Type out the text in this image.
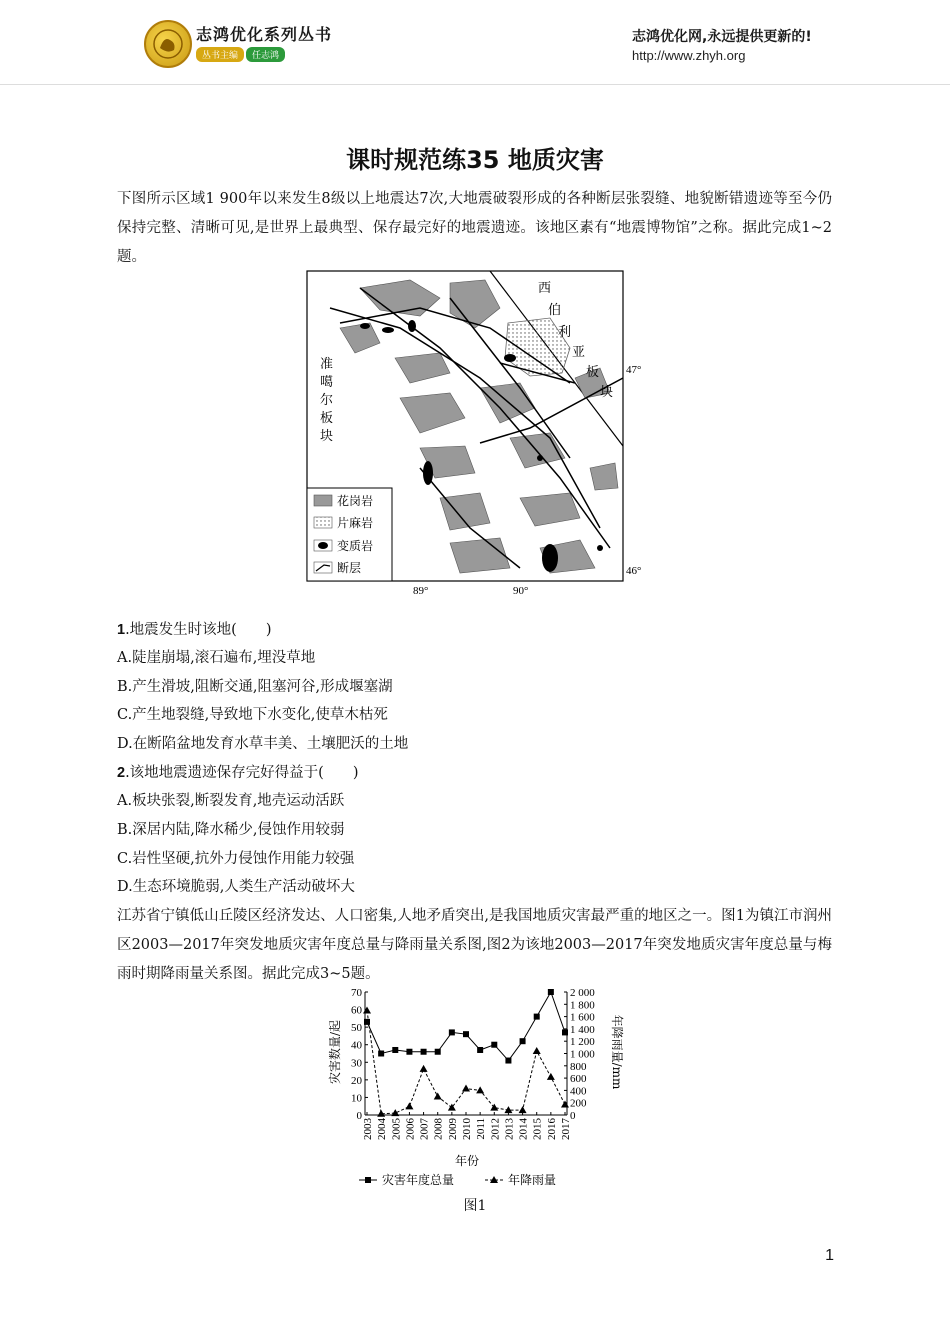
志鸿优化系列丛书
丛书主编 任志鸿
志鸿优化网,永远提供更新的!
http://www.zhyh.org
课时规范练35 地质灾害
下图所示区域1 900年以来发生8级以上地震达7次,大地震破裂形成的各种断层张裂缝、地貌断错遗迹等至今仍保持完整、清晰可见,是世界上最典型、保存最完好的地震遗迹。该地区素有“地震博物馆”之称。据此完成1~2题。
西
伯
利
亚
板
块
准
噶
尔
板
块
47°
46°
89°	90°
花岗岩
片麻岩
变质岩
断层
1.地震发生时该地(　　)
A.陡崖崩塌,滚石遍布,埋没草地
B.产生滑坡,阻断交通,阻塞河谷,形成堰塞湖
C.产生地裂缝,导致地下水变化,使草木枯死
D.在断陷盆地发育水草丰美、土壤肥沃的土地
2.该地地震遗迹保存完好得益于(　　)
A.板块张裂,断裂发育,地壳运动活跃
B.深居内陆,降水稀少,侵蚀作用较弱
C.岩性坚硬,抗外力侵蚀作用能力较强
D.生态环境脆弱,人类生产活动破坏大
江苏省宁镇低山丘陵区经济发达、人口密集,人地矛盾突出,是我国地质灾害最严重的地区之一。图1为镇江市润州区2003—2017年突发地质灾害年度总量与降雨量关系图,图2为该地2003—2017年突发地质灾害年度总量与梅雨时期降雨量关系图。据此完成3~5题。
0
10
20
30
40
50
60
70
0
200
400
600
800
1 000
1 200
1 400
1 600
1 800
2 000
2003 2004 2005 2006 2007 2008 2009 2010 2011 2012 2013 2014 2015 2016 2017
灾害数量/起	年降雨量/mm
年份
灾害年度总量	年降雨量
图1
1
